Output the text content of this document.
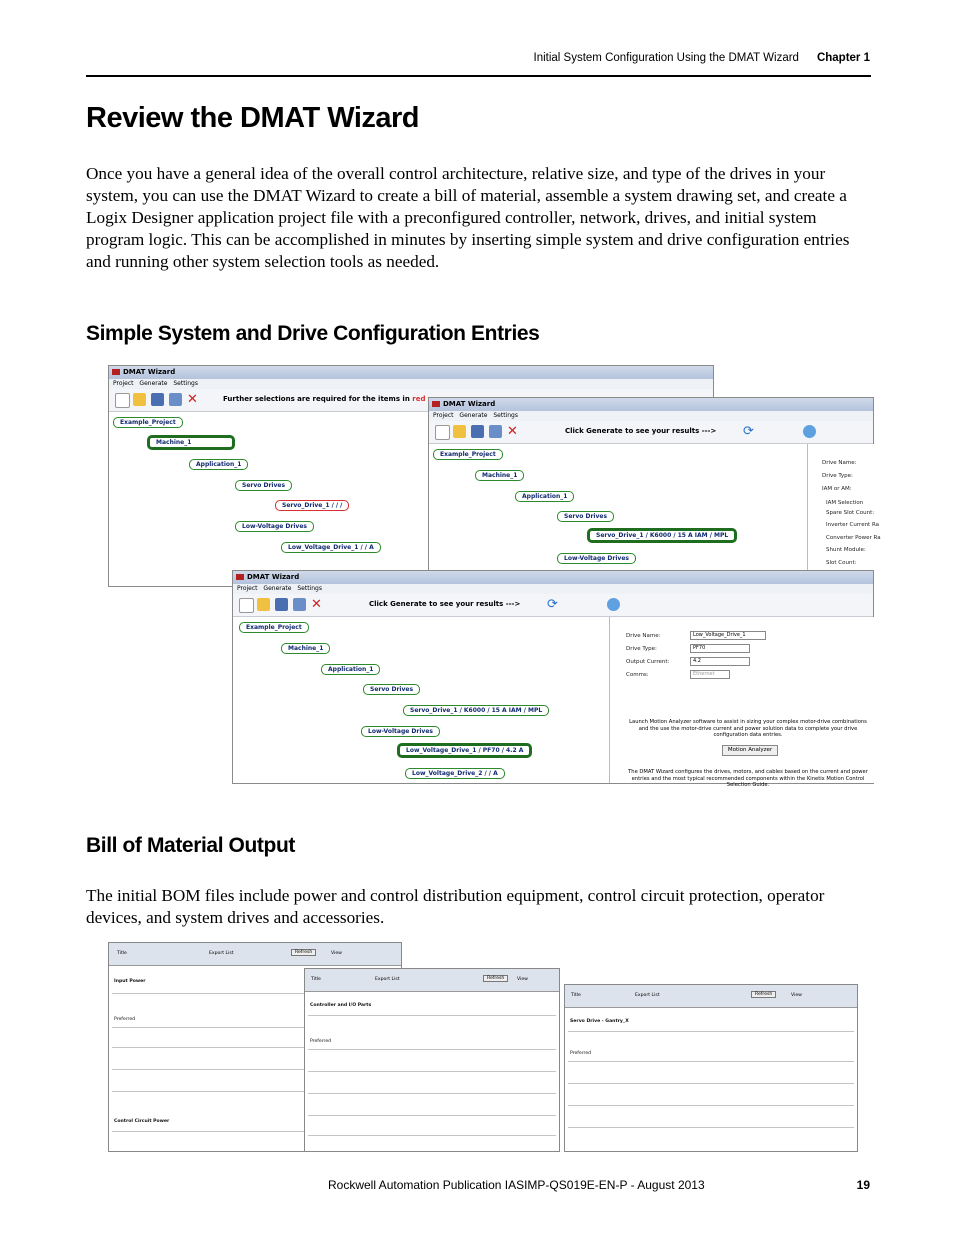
Initial System Configuration Using the DMAT Wizard Chapter 1
Review the DMAT Wizard

Once you have a general idea of the overall control architecture, relative size, and type of the drives in your system, you can use the DMAT Wizard to create a bill of material, assemble a system drawing set, and create a Logix Designer application project file with a preconfigured controller, network, drives, and initial system program logic. This can be accomplished in minutes by inserting simple system and drive configuration entries and running other system selection tools as needed.

Simple System and Drive Configuration Entries
DMAT Wizard
Project Generate Settings
✕	Further selections are required for the items in red
Example_Project
Machine_1
Application_1
Servo Drives
Servo_Drive_1 / / /
Low-Voltage Drives
Low_Voltage_Drive_1 / / A
DMAT Wizard
Project Generate Settings
✕	Click Generate to see your results ---> ⟳
Example_Project
Machine_1
Application_1
Servo Drives
Servo_Drive_1 / K6000 / 15 A IAM / MPL
Low-Voltage Drives
Drive Name:
Drive Type:
IAM or AM:
IAM Selection
Spare Slot Count:
Inverter Current Ra
Converter Power Ra
Shunt Module:
Slot Count:
DMAT Wizard
Project Generate Settings
✕	Click Generate to see your results ---> ⟳
Example_Project
Machine_1
Application_1
Servo Drives
Servo_Drive_1 / K6000 / 15 A IAM / MPL
Low-Voltage Drives
Low_Voltage_Drive_1 / PF70 / 4.2 A
Low_Voltage_Drive_2 / / A
Drive Name:	Low_Voltage_Drive_1
Drive Type:	PF70
Output Current:	4.2
Comms:	Ethernet
Launch Motion Analyzer software to assist in sizing your complex motor-drive combinations and the use the motor-drive current and power solution data to complete your drive configuration data entries.
Motion Analyzer
The DMAT Wizard configures the drives, motors, and cables based on the current and power entries and the most typical recommended components within the Kinetix Motion Control Selection Guide.
Bill of Material Output

The initial BOM files include power and control distribution equipment, control circuit protection, operator devices, and system drives and accessories.

Title	Export List	Refresh	View
Input Power
Preferred
Control Circuit Power
Title	Export List	Refresh	View
Controller and I/O Parts
Preferred
Title	Export List	Refresh	View
Servo Drive - Gantry_X
Preferred
Rockwell Automation Publication IASIMP-QS019E-EN-P - August 2013	19
